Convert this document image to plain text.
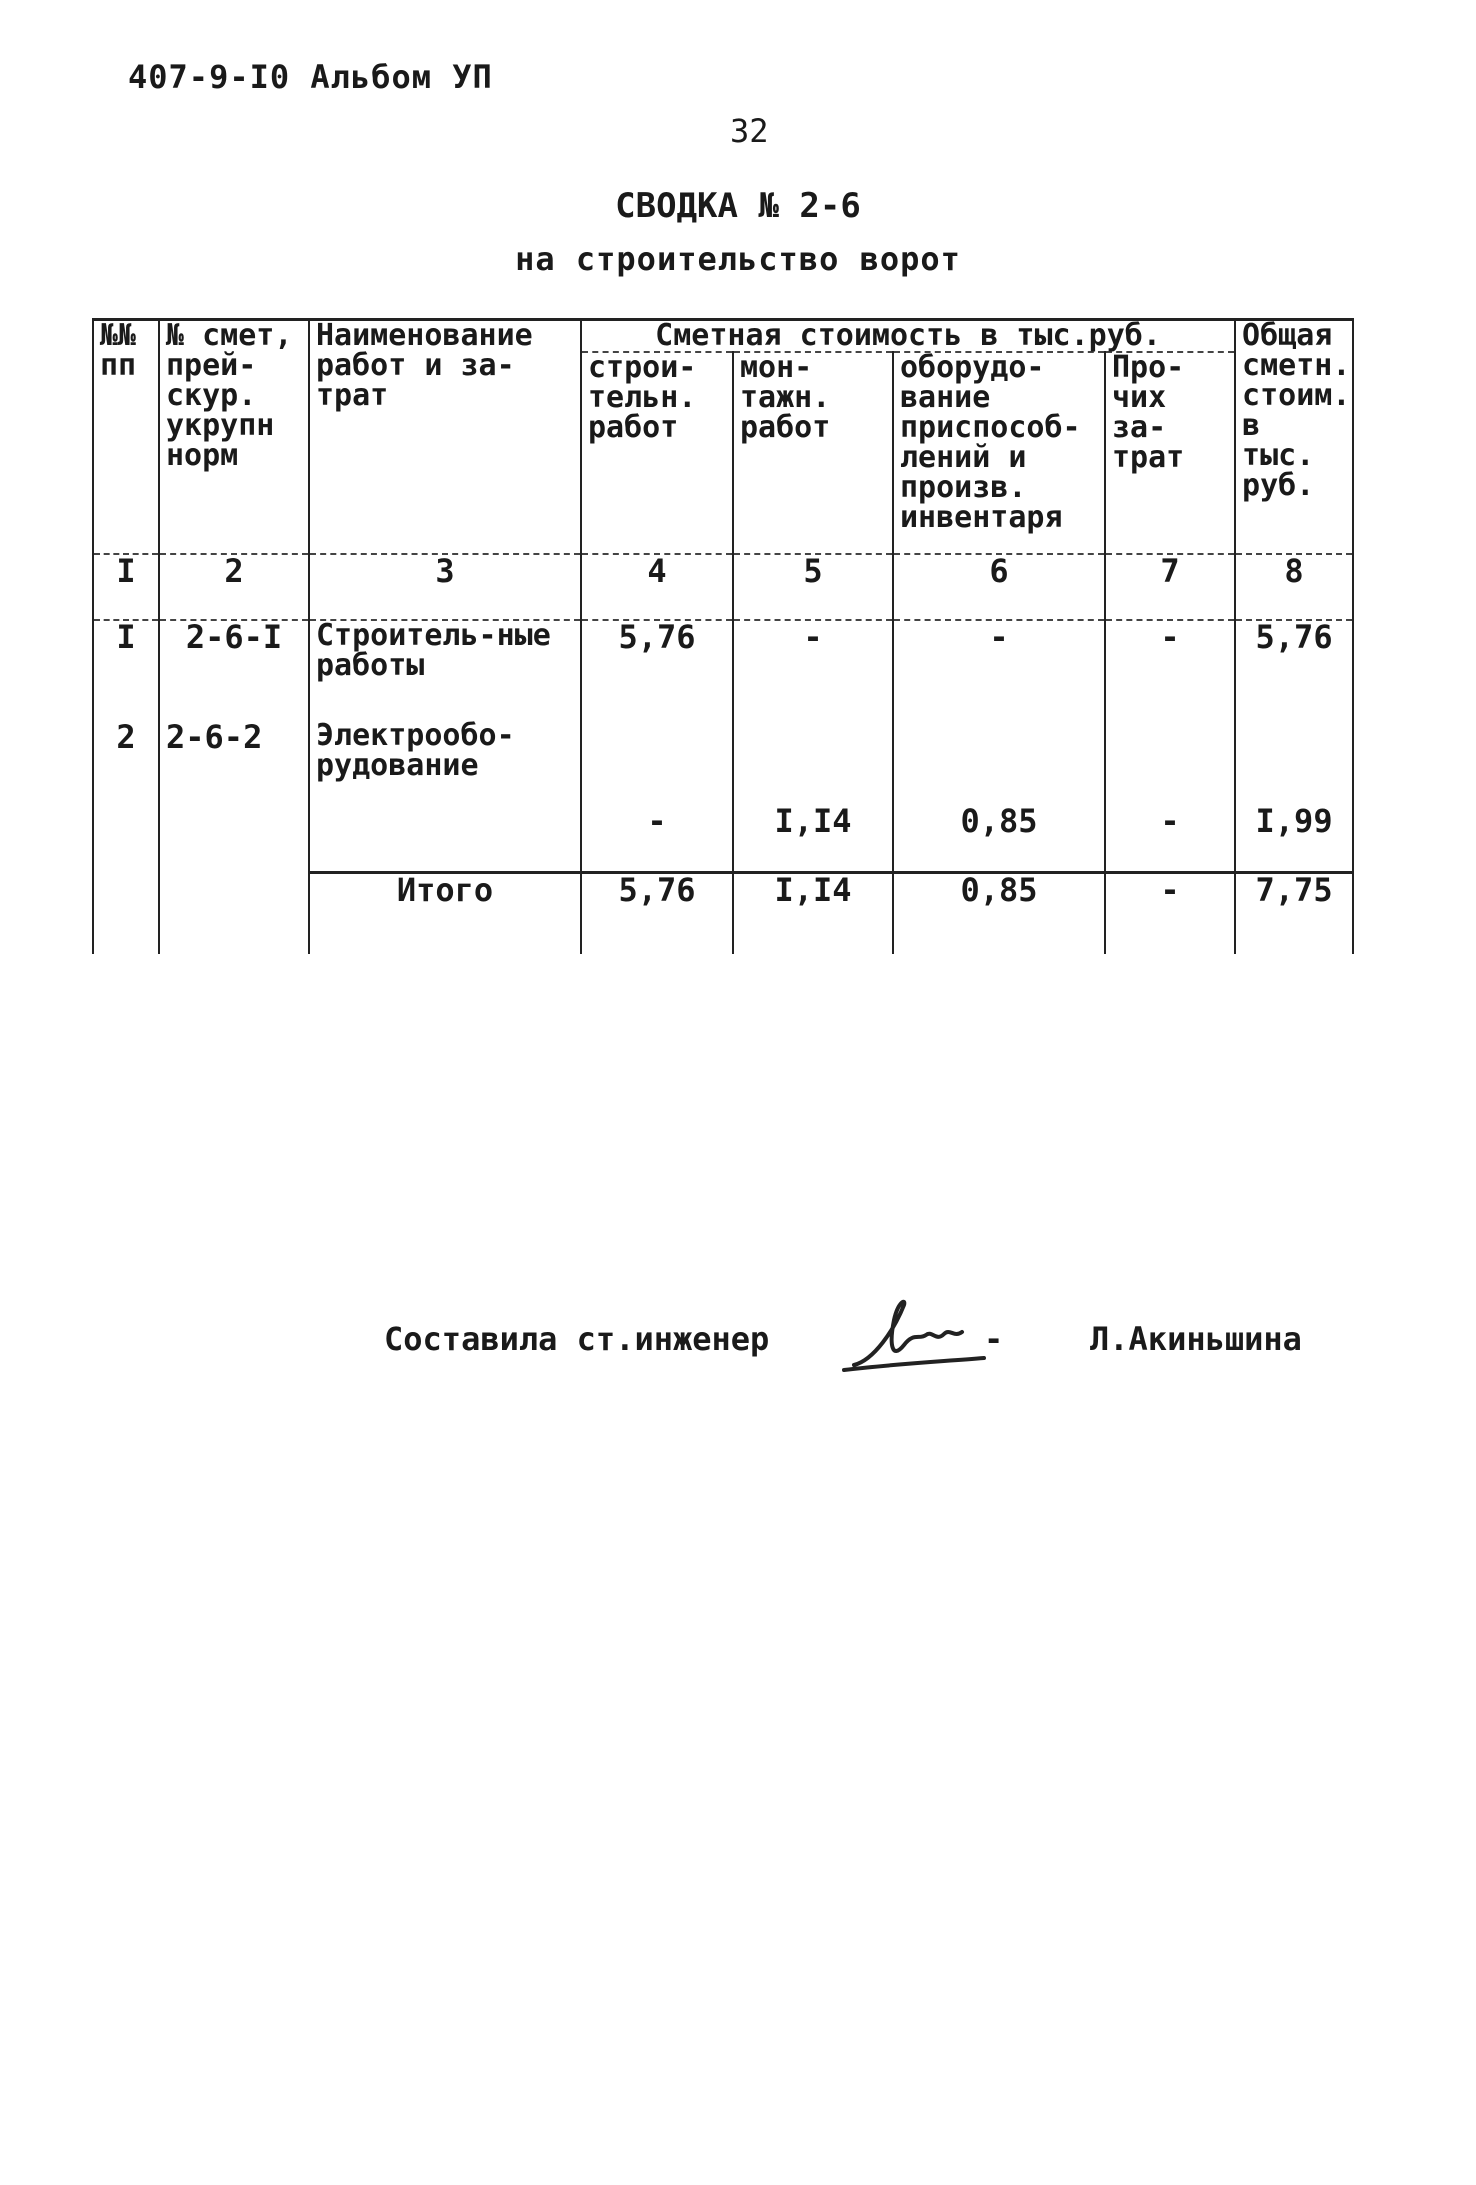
407-9-I0 Альбом УП
32
СВОДКА № 2-6
на строительство ворот
№№ пп	№ смет, прей-скур. укрупн норм	Наименование работ и за-трат	Сметная стоимость в тыс.руб.				Общая сметн. стоим. в тыс. руб.
			строи-тельн. работ	мон-тажн. работ	оборудо-вание приспособ-лений и произв. инвентаря	Про-чих за-трат	
I	2	3	4	5	6	7	8
I	2-6-I	Строитель-ные работы	5,76	-	-	-	5,76
2	2-6-2	Электрообо-рудование	-	I,I4	0,85	-	I,99
		Итого	5,76	I,I4	0,85	-	7,75
Составила ст.инженер	-	Л.Акиньшина
